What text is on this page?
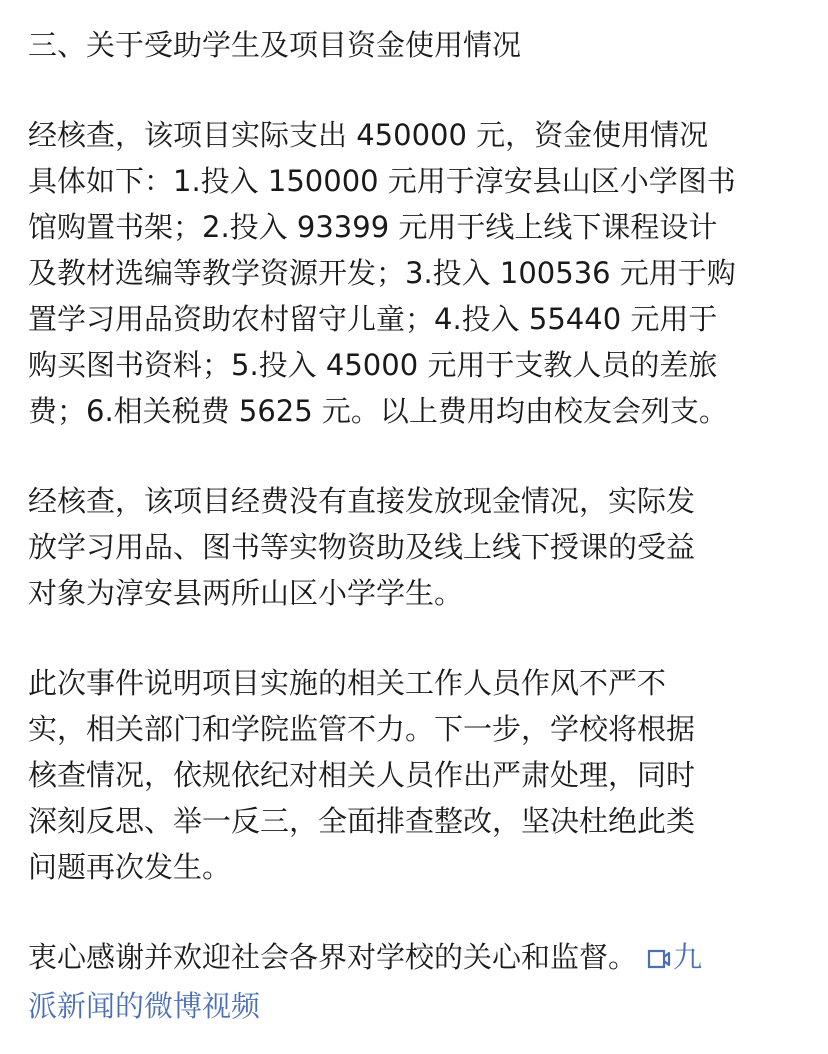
三、关于受助学生及项目资金使用情况

经核查，该项目实际支出 450000 元，资金使用情况
具体如下：1.投入 150000 元用于淳安县山区小学图书
馆购置书架；2.投入 93399 元用于线上线下课程设计
及教材选编等教学资源开发；3.投入 100536 元用于购
置学习用品资助农村留守儿童；4.投入 55440 元用于
购买图书资料；5.投入 45000 元用于支教人员的差旅
费；6.相关税费 5625 元。以上费用均由校友会列支。

经核查，该项目经费没有直接发放现金情况，实际发
放学习用品、图书等实物资助及线上线下授课的受益
对象为淳安县两所山区小学学生。

此次事件说明项目实施的相关工作人员作风不严不
实，相关部门和学院监管不力。下一步，学校将根据
核查情况，依规依纪对相关人员作出严肃处理，同时
深刻反思、举一反三，全面排查整改，坚决杜绝此类
问题再次发生。

衷心感谢并欢迎社会各界对学校的关心和监督。 九
派新闻的微博视频
